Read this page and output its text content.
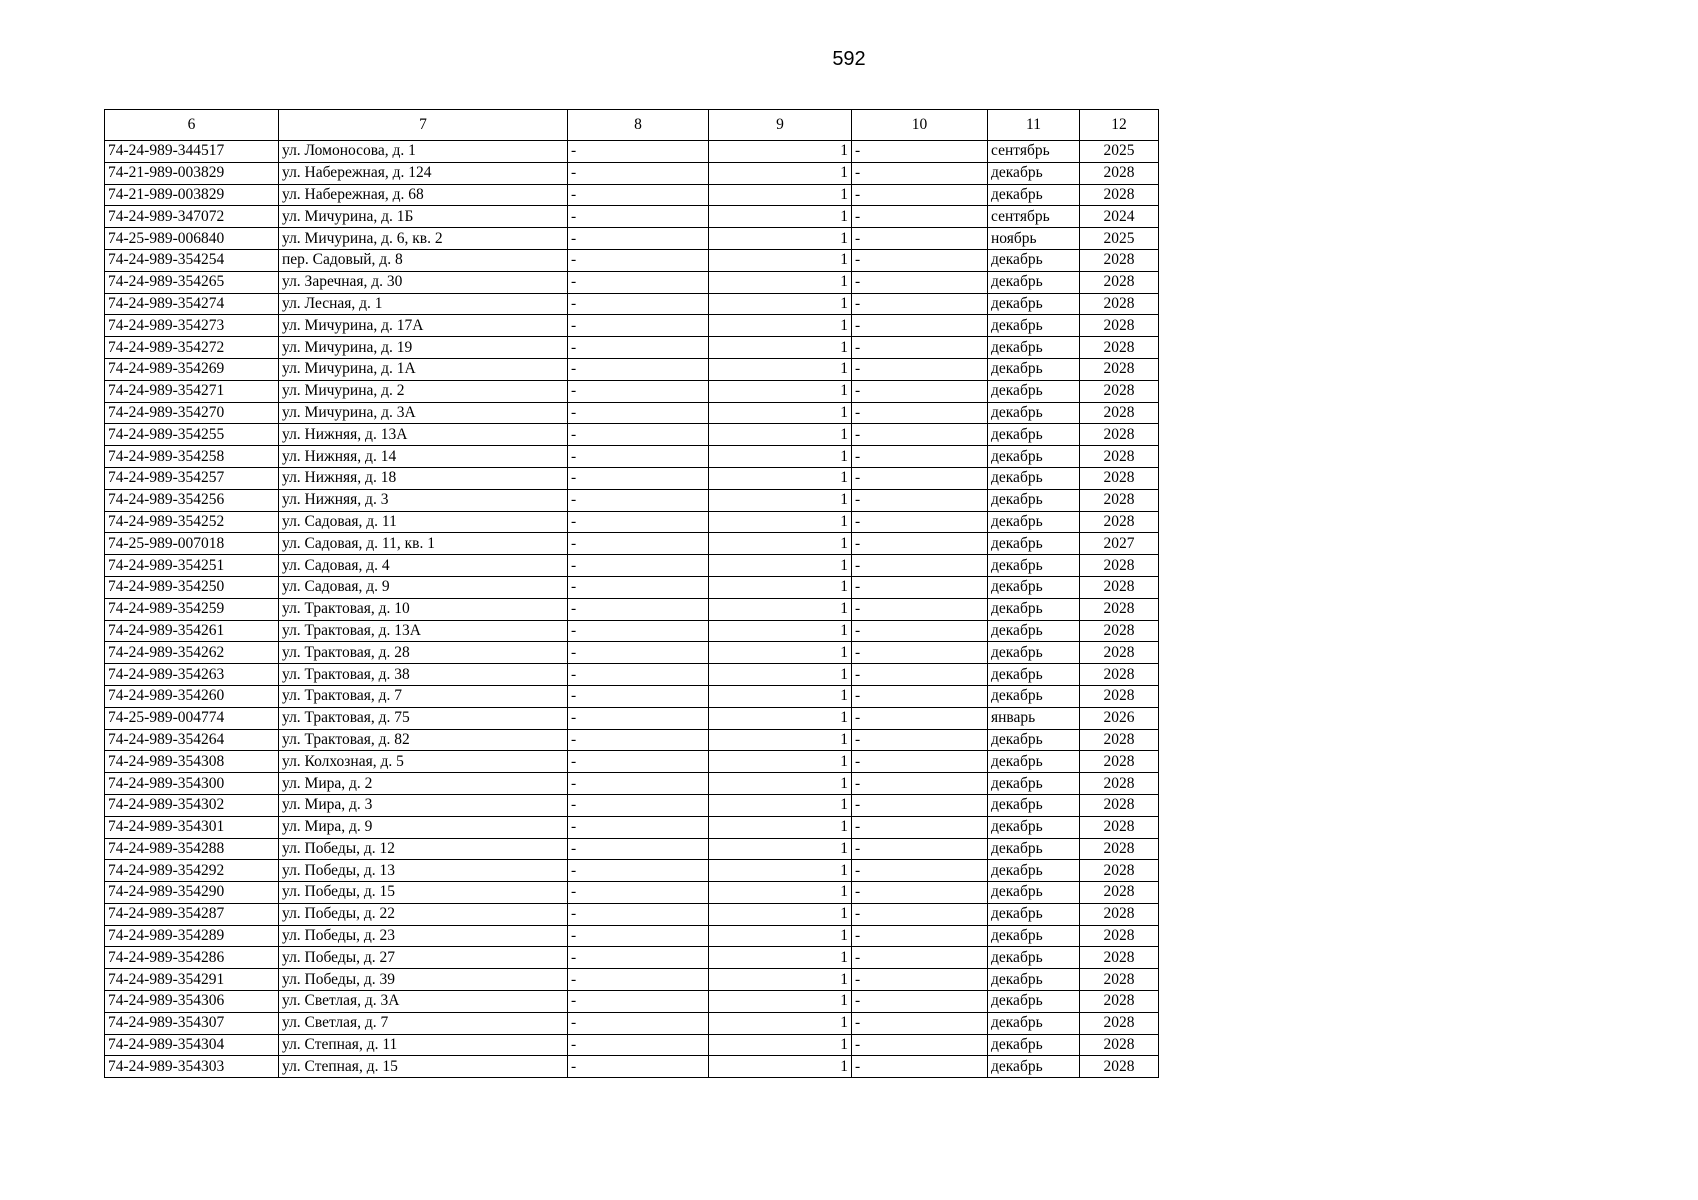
592
6	7	8	9	10	11	12
74-24-989-344517	ул. Ломоносова, д. 1	-	1	-	сентябрь	2025
74-21-989-003829	ул. Набережная, д. 124	-	1	-	декабрь	2028
74-21-989-003829	ул. Набережная, д. 68	-	1	-	декабрь	2028
74-24-989-347072	ул. Мичурина, д. 1Б	-	1	-	сентябрь	2024
74-25-989-006840	ул. Мичурина, д. 6, кв. 2	-	1	-	ноябрь	2025
74-24-989-354254	пер. Садовый, д. 8	-	1	-	декабрь	2028
74-24-989-354265	ул. Заречная, д. 30	-	1	-	декабрь	2028
74-24-989-354274	ул. Лесная, д. 1	-	1	-	декабрь	2028
74-24-989-354273	ул. Мичурина, д. 17А	-	1	-	декабрь	2028
74-24-989-354272	ул. Мичурина, д. 19	-	1	-	декабрь	2028
74-24-989-354269	ул. Мичурина, д. 1А	-	1	-	декабрь	2028
74-24-989-354271	ул. Мичурина, д. 2	-	1	-	декабрь	2028
74-24-989-354270	ул. Мичурина, д. 3А	-	1	-	декабрь	2028
74-24-989-354255	ул. Нижняя, д. 13А	-	1	-	декабрь	2028
74-24-989-354258	ул. Нижняя, д. 14	-	1	-	декабрь	2028
74-24-989-354257	ул. Нижняя, д. 18	-	1	-	декабрь	2028
74-24-989-354256	ул. Нижняя, д. 3	-	1	-	декабрь	2028
74-24-989-354252	ул. Садовая, д. 11	-	1	-	декабрь	2028
74-25-989-007018	ул. Садовая, д. 11, кв. 1	-	1	-	декабрь	2027
74-24-989-354251	ул. Садовая, д. 4	-	1	-	декабрь	2028
74-24-989-354250	ул. Садовая, д. 9	-	1	-	декабрь	2028
74-24-989-354259	ул. Трактовая, д. 10	-	1	-	декабрь	2028
74-24-989-354261	ул. Трактовая, д. 13А	-	1	-	декабрь	2028
74-24-989-354262	ул. Трактовая, д. 28	-	1	-	декабрь	2028
74-24-989-354263	ул. Трактовая, д. 38	-	1	-	декабрь	2028
74-24-989-354260	ул. Трактовая, д. 7	-	1	-	декабрь	2028
74-25-989-004774	ул. Трактовая, д. 75	-	1	-	январь	2026
74-24-989-354264	ул. Трактовая, д. 82	-	1	-	декабрь	2028
74-24-989-354308	ул. Колхозная, д. 5	-	1	-	декабрь	2028
74-24-989-354300	ул. Мира, д. 2	-	1	-	декабрь	2028
74-24-989-354302	ул. Мира, д. 3	-	1	-	декабрь	2028
74-24-989-354301	ул. Мира, д. 9	-	1	-	декабрь	2028
74-24-989-354288	ул. Победы, д. 12	-	1	-	декабрь	2028
74-24-989-354292	ул. Победы, д. 13	-	1	-	декабрь	2028
74-24-989-354290	ул. Победы, д. 15	-	1	-	декабрь	2028
74-24-989-354287	ул. Победы, д. 22	-	1	-	декабрь	2028
74-24-989-354289	ул. Победы, д. 23	-	1	-	декабрь	2028
74-24-989-354286	ул. Победы, д. 27	-	1	-	декабрь	2028
74-24-989-354291	ул. Победы, д. 39	-	1	-	декабрь	2028
74-24-989-354306	ул. Светлая, д. 3А	-	1	-	декабрь	2028
74-24-989-354307	ул. Светлая, д. 7	-	1	-	декабрь	2028
74-24-989-354304	ул. Степная, д. 11	-	1	-	декабрь	2028
74-24-989-354303	ул. Степная, д. 15	-	1	-	декабрь	2028
